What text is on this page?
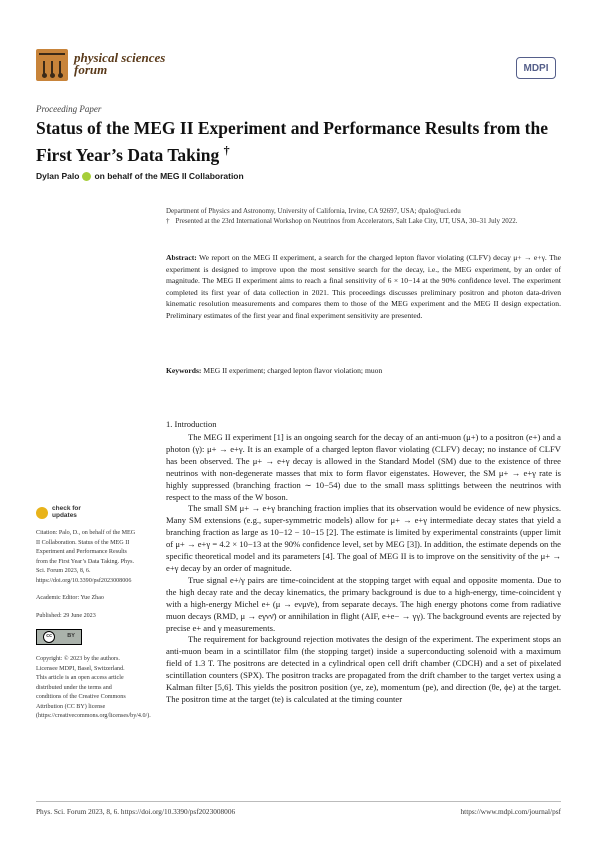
physical sciences
forum	MDPI
Proceeding Paper
Status of the MEG II Experiment and Performance Results from the First Year’s Data Taking †
Dylan Palo on behalf of the MEG II Collaboration
Department of Physics and Astronomy, University of California, Irvine, CA 92697, USA; dpalo@uci.edu
† Presented at the 23rd International Workshop on Neutrinos from Accelerators, Salt Lake City, UT, USA, 30–31 July 2022.
Abstract: We report on the MEG II experiment, a search for the charged lepton flavor violating (CLFV) decay μ+ → e+γ. The experiment is designed to improve upon the most sensitive search for the decay, i.e., the MEG experiment, by an order of magnitude. The MEG II experiment aims to reach a final sensitivity of 6 × 10−14 at the 90% confidence level. The experiment completed its first year of data collection in 2021. This proceedings discusses preliminary positron and photon data-driven kinematic resolution measurements and compares them to those of the MEG experiment and the MEG II design expectation. Preliminary estimates of the first year and final experiment sensitivity are presented.
Keywords: MEG II experiment; charged lepton flavor violation; muon
1. Introduction

The MEG II experiment [1] is an ongoing search for the decay of an anti-muon (μ+) to a positron (e+) and a photon (γ): μ+ → e+γ. It is an example of a charged lepton flavor violating (CLFV) decay; no instance of CLFV has been observed. The μ+ → e+γ decay is allowed in the Standard Model (SM) due to the existence of three neutrinos with non-degenerate masses that mix to form flavor eigenstates. However, the SM μ+ → e+γ rate is highly suppressed (branching fraction ∼ 10−54) due to the small mass splittings between the neutrinos with respect to the mass of the W boson.

The small SM μ+ → e+γ branching fraction implies that its observation would be evidence of new physics. Many SM extensions (e.g., super-symmetric models) allow for μ+ → e+γ intermediate decay states that yield a branching fraction as large as 10−12 − 10−15 [2]. The estimate is limited by experimental constraints (upper limit of μ+ → e+γ = 4.2 × 10−13 at the 90% confidence level, set by MEG [3]). In addition, the estimate depends on the specific theoretical model and its parameters [4]. The goal of MEG II is to improve on the sensitivity of the μ+ → e+γ decay by an order of magnitude.

True signal e+/γ pairs are time-coincident at the stopping target with equal and opposite momenta. Due to the high decay rate and the decay kinematics, the primary background is due to a high-energy, time-coincident γ with a high-energy Michel e+ (μ → eνμν̄e), from separate decays. The high energy photons come from radiative muon decays (RMD, μ → eγνν̄) or annihilation in flight (AIF, e+e− → γγ). The background events are rejected by precise e+ and γ measurements.

The requirement for background rejection motivates the design of the experiment. The experiment stops an anti-muon beam in a scintillator film (the stopping target) inside a superconducting solenoid with a maximum field of 1.3 T. The positrons are detected in a cylindrical open cell drift chamber (CDCH) and a set of pixelated scintillation counters (SPX). The positron tracks are propagated from the drift chamber to the target vertex using a Kalman filter [5,6]. This yields the positron position (ye, ze), momentum (pe), and direction (θe, ϕe) at the target. The positron time at the target (te) is calculated at the timing counter

check for
updates

Citation: Palo, D., on behalf of the MEG II Collaboration. Status of the MEG II Experiment and Performance Results from the First Year’s Data Taking. Phys. Sci. Forum 2023, 8, 6. https://doi.org/10.3390/psf2023008006

Academic Editor: Yue Zhao

Published: 29 June 2023

cc	BY

Copyright: © 2023 by the authors. Licensee MDPI, Basel, Switzerland. This article is an open access article distributed under the terms and conditions of the Creative Commons Attribution (CC BY) license (https://creativecommons.org/licenses/by/4.0/).

Phys. Sci. Forum 2023, 8, 6. https://doi.org/10.3390/psf2023008006	https://www.mdpi.com/journal/psf
